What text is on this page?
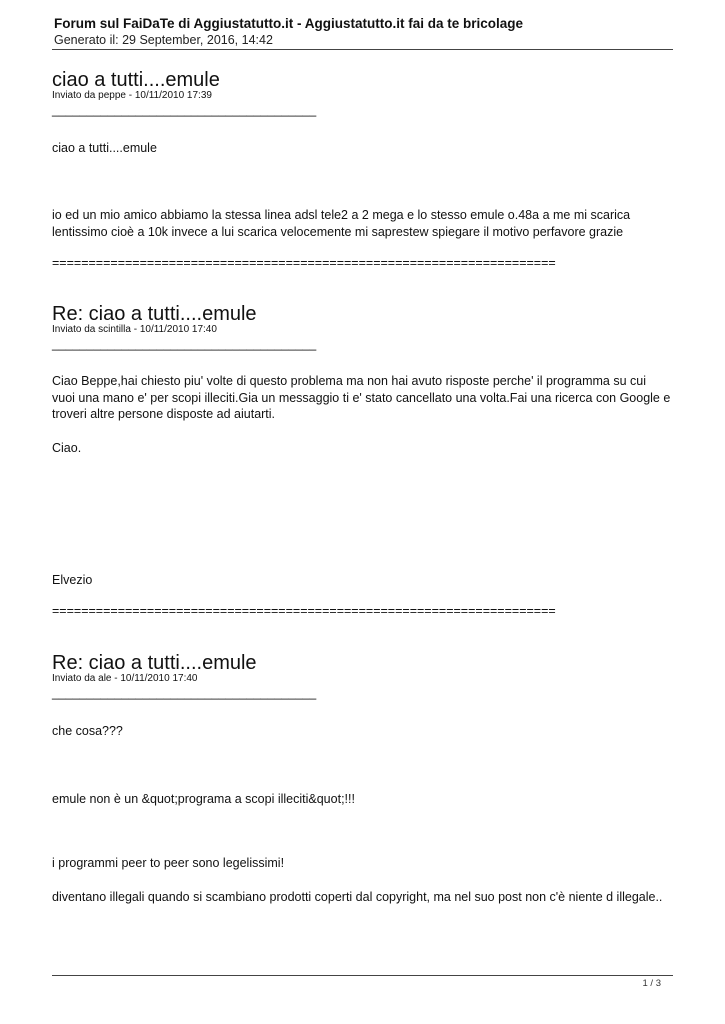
Forum sul FaiDaTe di Aggiustatutto.it - Aggiustatutto.it fai da te bricolage
Generato il: 29 September, 2016, 14:42
ciao a tutti....emule
Inviato da peppe - 10/11/2010 17:39
______________________________________
ciao a tutti....emule
io ed un mio amico abbiamo la stessa linea adsl tele2 a 2 mega e lo stesso emule o.48a a me mi scarica lentissimo cioè a 10k invece a lui scarica velocemente mi saprestew spiegare il motivo perfavore grazie
=====================================================================
Re: ciao a tutti....emule
Inviato da scintilla - 10/11/2010 17:40
______________________________________
Ciao Beppe,hai chiesto piu' volte di questo problema ma non hai avuto risposte perche' il programma su cui vuoi una mano e' per scopi illeciti.Gia un messaggio ti e' stato cancellato una volta.Fai una ricerca con Google e troveri altre persone disposte ad aiutarti.
Ciao.
Elvezio
=====================================================================
Re: ciao a tutti....emule
Inviato da ale - 10/11/2010 17:40
______________________________________
che cosa???
emule non è un &quot;programa a scopi illeciti&quot;!!!
i programmi peer to peer sono legelissimi!
diventano illegali quando si scambiano prodotti coperti dal copyright, ma nel suo post non c'è niente d illegale..
1 / 3
